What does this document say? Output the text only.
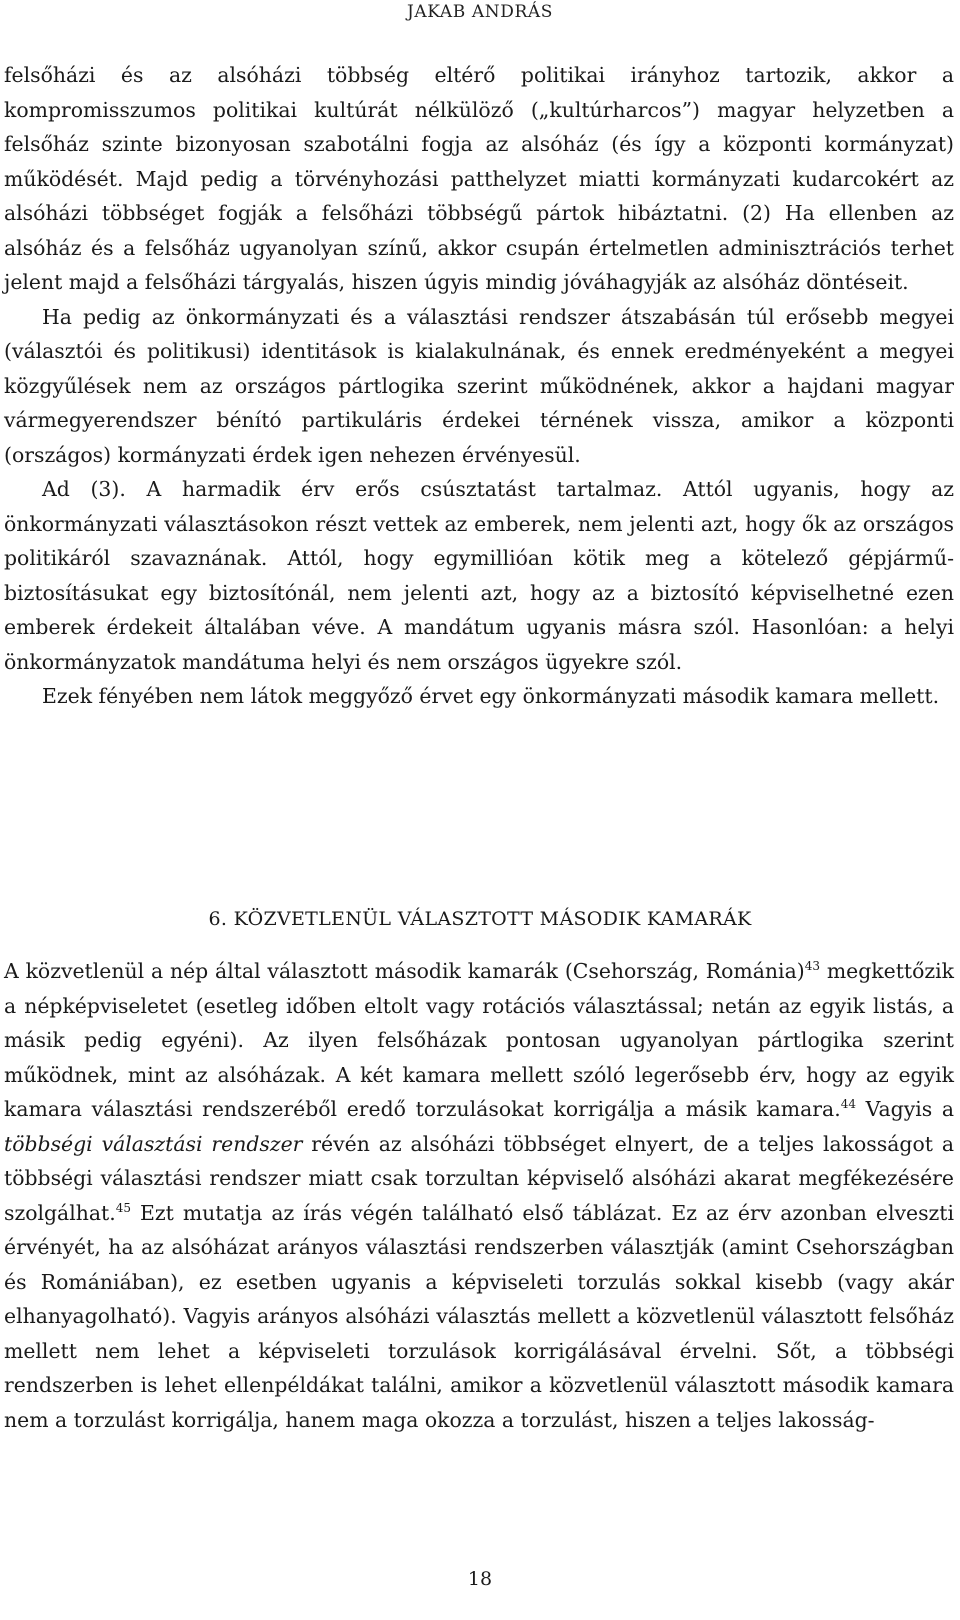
JAKAB ANDRÁS

felsőházi és az alsóházi többség eltérő politikai irányhoz tartozik, akkor a kompromisszumos politikai kultúrát nélkülöző („kultúrharcos”) magyar helyzetben a felsőház szinte bizonyosan szabotálni fogja az alsóház (és így a központi kormányzat) működését. Majd pedig a törvényhozási patthelyzet miatti kormányzati kudarcokért az alsóházi többséget fogják a felsőházi többségű pártok hibáztatni. (2) Ha ellenben az alsóház és a felsőház ugyanolyan színű, akkor csupán értelmetlen adminisztrációs terhet jelent majd a felsőházi tárgyalás, hiszen úgyis mindig jóváhagyják az alsóház döntéseit.

Ha pedig az önkormányzati és a választási rendszer átszabásán túl erősebb megyei (választói és politikusi) identitások is kialakulnának, és ennek eredményeként a megyei közgyűlések nem az országos pártlogika szerint működnének, akkor a hajdani magyar vármegyerendszer bénító partikuláris érdekei térnének vissza, amikor a központi (országos) kormányzati érdek igen nehezen érvényesül.

Ad (3). A harmadik érv erős csúsztatást tartalmaz. Attól ugyanis, hogy az önkormányzati választásokon részt vettek az emberek, nem jelenti azt, hogy ők az országos politikáról szavaznának. Attól, hogy egymillióan kötik meg a kötelező gépjármű-biztosításukat egy biztosítónál, nem jelenti azt, hogy az a biztosító képviselhetné ezen emberek érdekeit általában véve. A mandátum ugyanis másra szól. Hasonlóan: a helyi önkormányzatok mandátuma helyi és nem országos ügyekre szól.

Ezek fényében nem látok meggyőző érvet egy önkormányzati második kamara mellett.

6. KÖZVETLENÜL VÁLASZTOTT MÁSODIK KAMARÁK

A közvetlenül a nép által választott második kamarák (Csehország, Románia)$^{43}$ megkettőzik a népképviseletet (esetleg időben eltolt vagy rotációs választással; netán az egyik listás, a másik pedig egyéni). Az ilyen felsőházak pontosan ugyanolyan pártlogika szerint működnek, mint az alsóházak. A két kamara mellett szóló legerősebb érv, hogy az egyik kamara választási rendszeréből eredő torzulásokat korrigálja a másik kamara.$^{44}$ Vagyis a többségi választási rendszer révén az alsóházi többséget elnyert, de a teljes lakosságot a többségi választási rendszer miatt csak torzultan képviselő alsóházi akarat megfékezésére szolgálhat.$^{45}$ Ezt mutatja az írás végén található első táblázat. Ez az érv azonban elveszti érvényét, ha az alsóházat arányos választási rendszerben választják (amint Csehországban és Romániában), ez esetben ugyanis a képviseleti torzulás sokkal kisebb (vagy akár elhanyagolható). Vagyis arányos alsóházi választás mellett a közvetlenül választott felsőház mellett nem lehet a képviseleti torzulások korrigálásával érvelni. Sőt, a többségi rendszerben is lehet ellenpéldákat találni, amikor a közvetlenül választott második kamara nem a torzulást korrigálja, hanem maga okozza a torzulást, hiszen a teljes lakosság-

18
